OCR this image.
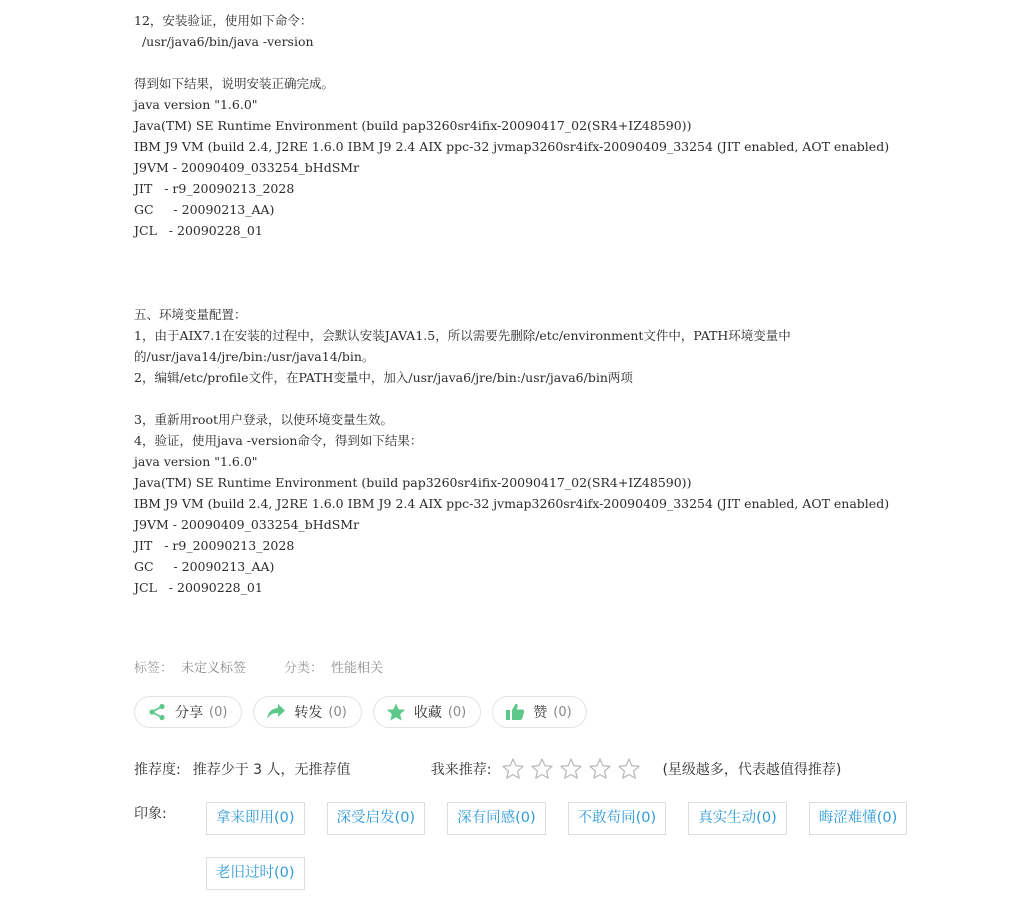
12，安装验证，使用如下命令：
/usr/java6/bin/java -version
得到如下结果，说明安装正确完成。
java version "1.6.0"
Java(TM) SE Runtime Environment (build pap3260sr4ifix-20090417_02(SR4+IZ48590))
IBM J9 VM (build 2.4, J2RE 1.6.0 IBM J9 2.4 AIX ppc-32 jvmap3260sr4ifx-20090409_33254 (JIT enabled, AOT enabled)
J9VM - 20090409_033254_bHdSMr
JIT   - r9_20090213_2028
GC     - 20090213_AA)
JCL   - 20090228_01
五、环境变量配置：
1，由于AIX7.1在安装的过程中，会默认安装JAVA1.5，所以需要先删除/etc/environment文件中，PATH环境变量中
的/usr/java14/jre/bin:/usr/java14/bin。
2，编辑/etc/profile文件，在PATH变量中，加入/usr/java6/jre/bin:/usr/java6/bin两项
3，重新用root用户登录，以使环境变量生效。
4，验证，使用java -version命令，得到如下结果：
java version "1.6.0"
Java(TM) SE Runtime Environment (build pap3260sr4ifix-20090417_02(SR4+IZ48590))
IBM J9 VM (build 2.4, J2RE 1.6.0 IBM J9 2.4 AIX ppc-32 jvmap3260sr4ifx-20090409_33254 (JIT enabled, AOT enabled)
J9VM - 20090409_033254_bHdSMr
JIT   - r9_20090213_2028
GC     - 20090213_AA)
JCL   - 20090228_01
标签： 未定义标签	分类： 性能相关
分享 (0)	转发 (0)	收藏 (0)	赞 (0)
推荐度: 推荐少于 3 人，无推荐值	我来推荐:	(星级越多，代表越值得推荐)
印象:	拿来即用(0)	深受启发(0)	深有同感(0)	不敢苟同(0)	真实生动(0)	晦涩难懂(0)
老旧过时(0)
